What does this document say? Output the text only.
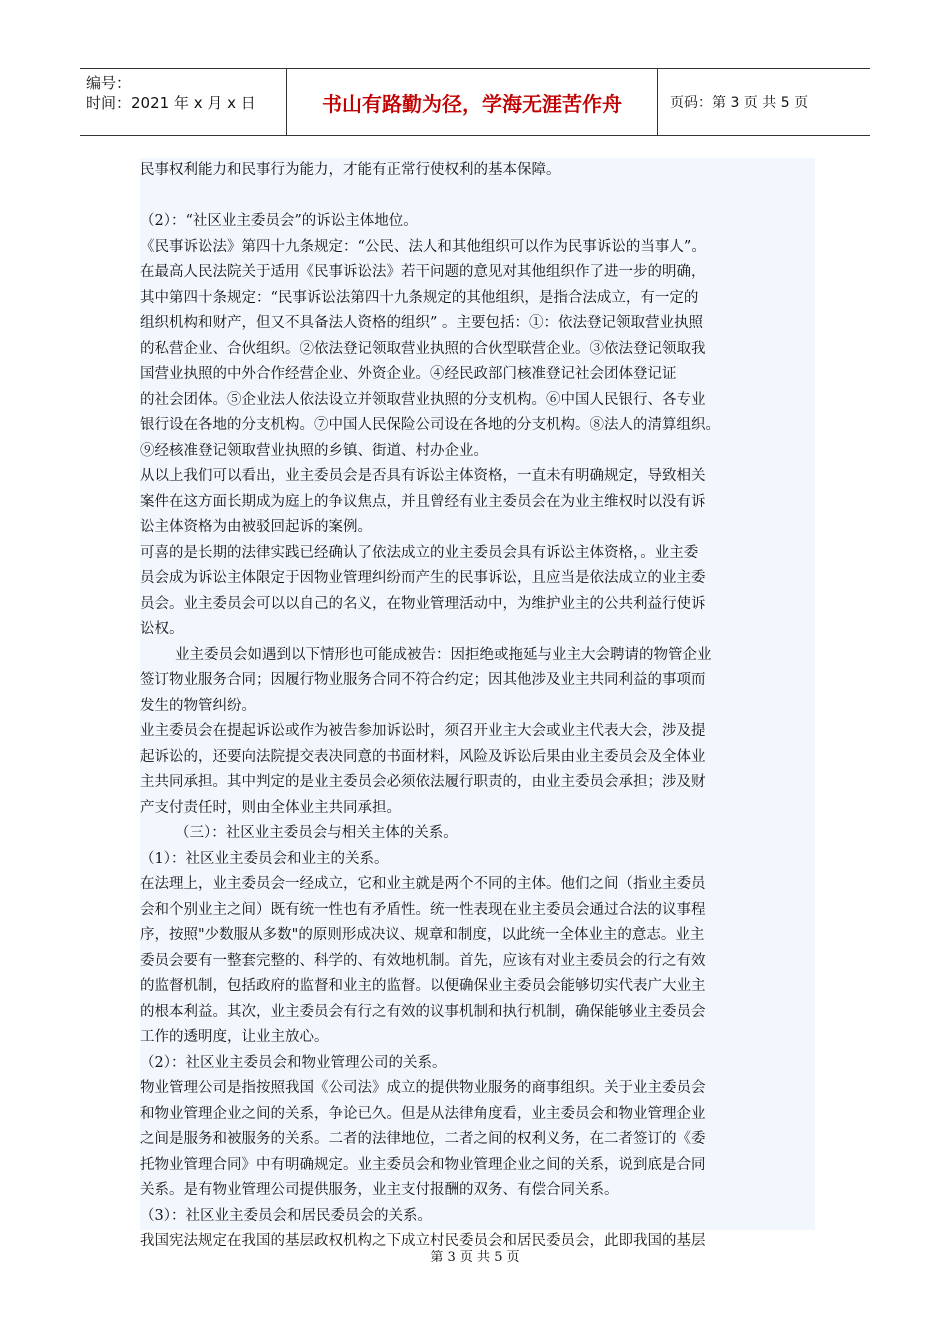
编号：
时间：2021 年 x 月 x 日	书山有路勤为径，学海无涯苦作舟	页码：第 3 页 共 5 页

民事权利能力和民事行为能力，才能有正常行使权利的基本保障。

（2）：“社区业主委员会”的诉讼主体地位。

《民事诉讼法》第四十九条规定：“公民、法人和其他组织可以作为民事诉讼的当事人”。

在最高人民法院关于适用《民事诉讼法》若干问题的意见对其他组织作了进一步的明确，

其中第四十条规定：“民事诉讼法第四十九条规定的其他组织，是指合法成立，有一定的

组织机构和财产，但又不具备法人资格的组织” 。主要包括：①：依法登记领取营业执照

的私营企业、合伙组织。②依法登记领取营业执照的合伙型联营企业。③依法登记领取我

国营业执照的中外合作经营企业、外资企业。④经民政部门核准登记社会团体登记证

的社会团体。⑤企业法人依法设立并领取营业执照的分支机构。⑥中国人民银行、各专业

银行设在各地的分支机构。⑦中国人民保险公司设在各地的分支机构。⑧法人的清算组织。

⑨经核准登记领取营业执照的乡镇、街道、村办企业。

从以上我们可以看出，业主委员会是否具有诉讼主体资格，一直未有明确规定，导致相关

案件在这方面长期成为庭上的争议焦点，并且曾经有业主委员会在为业主维权时以没有诉

讼主体资格为由被驳回起诉的案例。

可喜的是长期的法律实践已经确认了依法成立的业主委员会具有诉讼主体资格，。业主委

员会成为诉讼主体限定于因物业管理纠纷而产生的民事诉讼，且应当是依法成立的业主委

员会。业主委员会可以以自己的名义，在物业管理活动中，为维护业主的公共利益行使诉

讼权。

业主委员会如遇到以下情形也可能成被告：因拒绝或拖延与业主大会聘请的物管企业

签订物业服务合同；因履行物业服务合同不符合约定；因其他涉及业主共同利益的事项而

发生的物管纠纷。

业主委员会在提起诉讼或作为被告参加诉讼时，须召开业主大会或业主代表大会，涉及提

起诉讼的，还要向法院提交表决同意的书面材料，风险及诉讼后果由业主委员会及全体业

主共同承担。其中判定的是业主委员会必须依法履行职责的，由业主委员会承担；涉及财

产支付责任时，则由全体业主共同承担。

（三）：社区业主委员会与相关主体的关系。

（1）：社区业主委员会和业主的关系。

在法理上，业主委员会一经成立，它和业主就是两个不同的主体。他们之间（指业主委员

会和个别业主之间）既有统一性也有矛盾性。统一性表现在业主委员会通过合法的议事程

序，按照"少数服从多数"的原则形成决议、规章和制度，以此统一全体业主的意志。业主

委员会要有一整套完整的、科学的、有效地机制。首先，应该有对业主委员会的行之有效

的监督机制，包括政府的监督和业主的监督。以便确保业主委员会能够切实代表广大业主

的根本利益。其次，业主委员会有行之有效的议事机制和执行机制，确保能够业主委员会

工作的透明度，让业主放心。

（2）：社区业主委员会和物业管理公司的关系。

物业管理公司是指按照我国《公司法》成立的提供物业服务的商事组织。关于业主委员会

和物业管理企业之间的关系，争论已久。但是从法律角度看，业主委员会和物业管理企业

之间是服务和被服务的关系。二者的法律地位，二者之间的权利义务，在二者签订的《委

托物业管理合同》中有明确规定。业主委员会和物业管理企业之间的关系，说到底是合同

关系。是有物业管理公司提供服务，业主支付报酬的双务、有偿合同关系。

（3）：社区业主委员会和居民委员会的关系。

我国宪法规定在我国的基层政权机构之下成立村民委员会和居民委员会，此即我国的基层

第 3 页 共 5 页
